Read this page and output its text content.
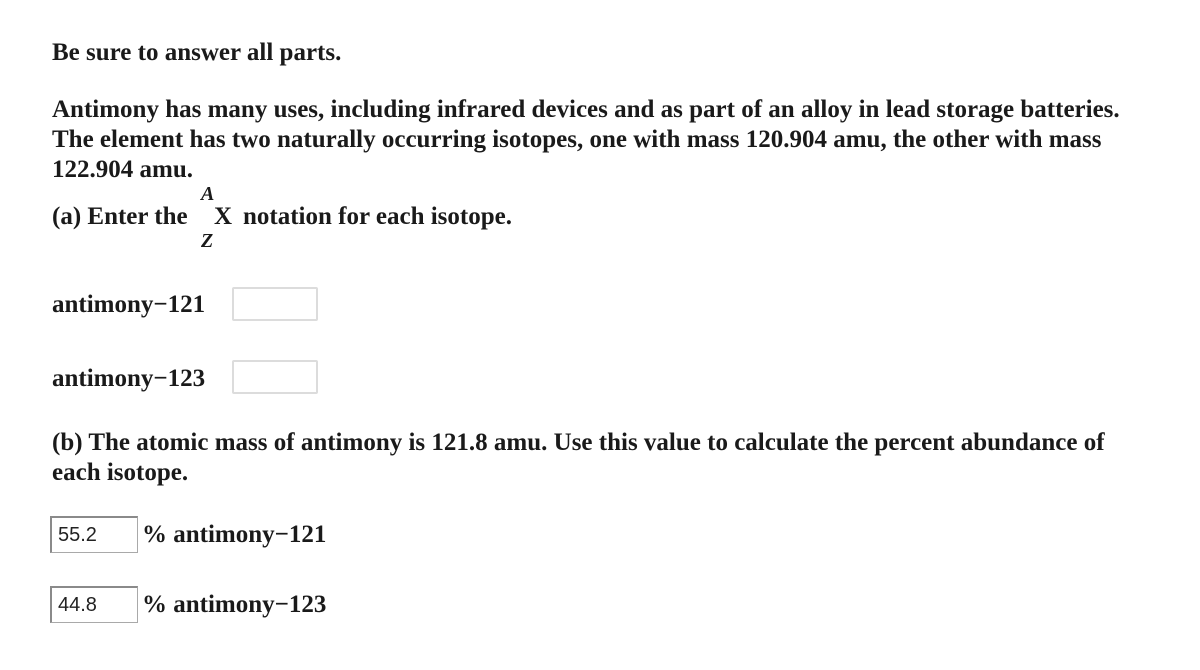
Be sure to answer all parts.

Antimony has many uses, including infrared devices and as part of an alloy in lead storage batteries.
The element has two naturally occurring isotopes, one with mass 120.904 amu, the other with mass
122.904 amu.

(a) Enter the

A
X
Z

notation for each isotope.

antimony−121

antimony−123

(b) The atomic mass of antimony is 121.8 amu. Use this value to calculate the percent abundance of
each isotope.
55.2

% antimony−121

44.8

% antimony−123
